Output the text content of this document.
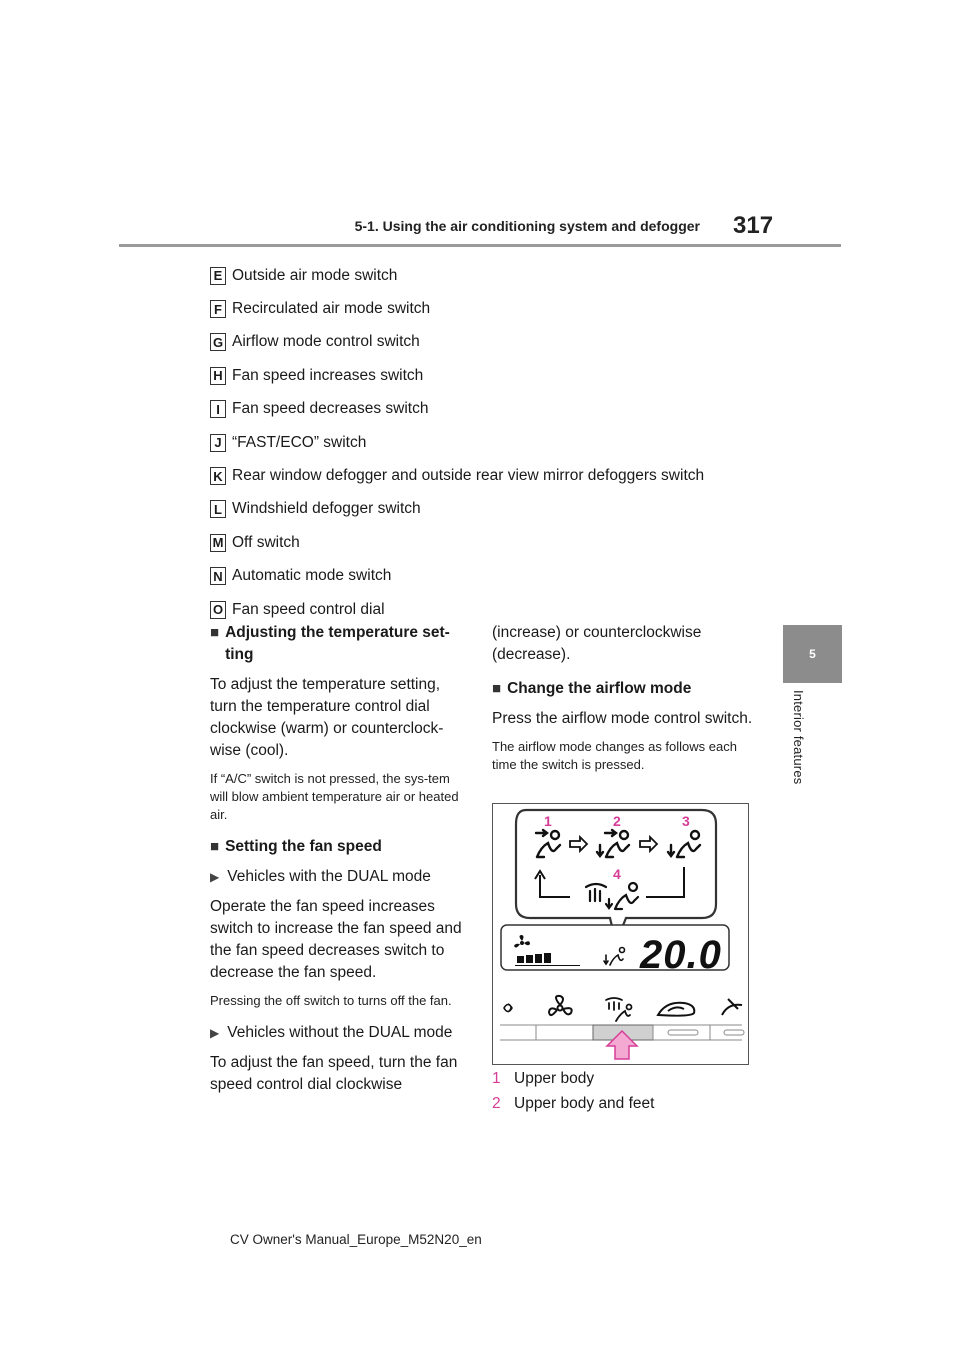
5-1. Using the air conditioning system and defogger 317
5
Interior features
E Outside air mode switch
F Recirculated air mode switch
G Airflow mode control switch
H Fan speed increases switch
I Fan speed decreases switch
J “FAST/ECO” switch
K Rear window defogger and outside rear view mirror defoggers switch
L Windshield defogger switch
M Off switch
N Automatic mode switch
O Fan speed control dial
■ Adjusting the temperature set-
ting

To adjust the temperature setting, turn the temperature control dial clockwise (warm) or counterclock-wise (cool).

If “A/C” switch is not pressed, the sys-tem will blow ambient temperature air or heated air.

■ Setting the fan speed
▶ Vehicles with the DUAL mode

Operate the fan speed increases switch to increase the fan speed and the fan speed decreases switch to decrease the fan speed.

Pressing the off switch to turns off the fan.

▶ Vehicles without the DUAL mode

To adjust the fan speed, turn the fan speed control dial clockwise

(increase) or counterclockwise (decrease).

■ Change the airflow mode

Press the airflow mode control switch.

The airflow mode changes as follows each time the switch is pressed.

1	2	3
4
20.0
1 Upper body
2 Upper body and feet
CV Owner's Manual_Europe_M52N20_en
